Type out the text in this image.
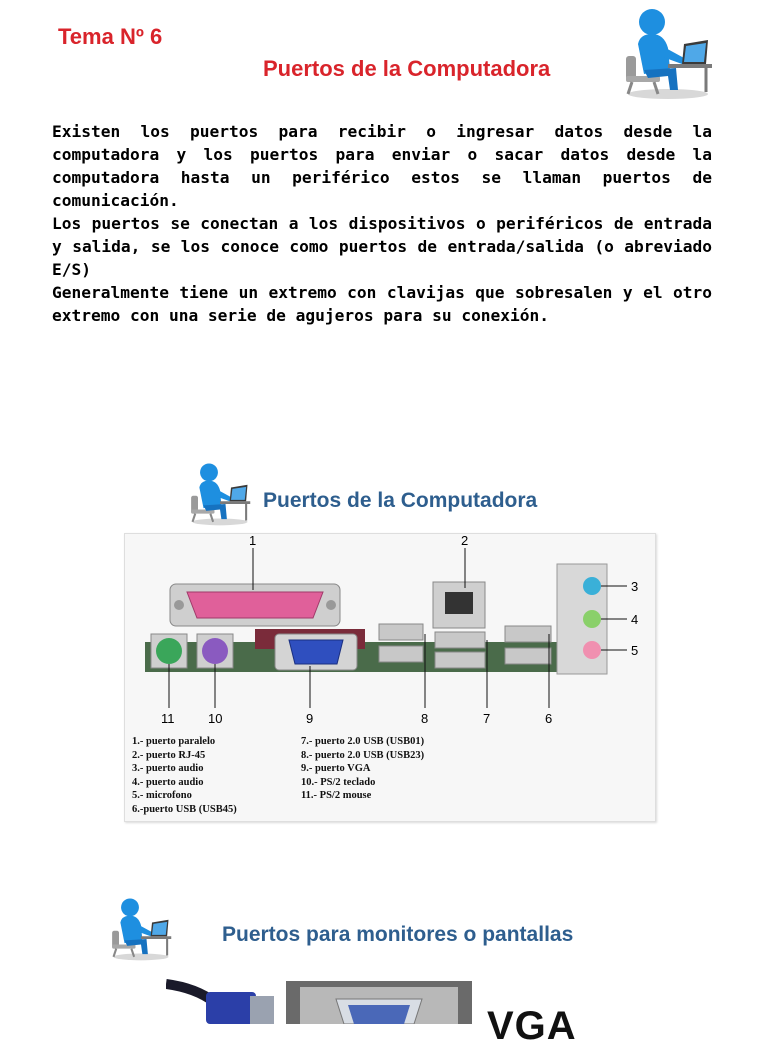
Tema Nº 6
Puertos de la Computadora

Existen los puertos para recibir o ingresar datos desde la computadora y los puertos para enviar o sacar datos desde la computadora hasta un periférico estos se llaman puertos de comunicación.

Los puertos se conectan a los dispositivos o periféricos de entrada y salida, se los conoce como puertos de entrada/salida (o abreviado E/S)

Generalmente tiene un extremo con clavijas que sobresalen y el otro extremo con una serie de agujeros para su conexión.

Puertos de la Computadora
1	2
3
4
5
6
7
8
9
10
11
1.- puerto paralelo
2.- puerto RJ-45
3.- puerto audio
4.- puerto audio
5.- microfono
6.-puerto USB (USB45)
7.- puerto 2.0 USB (USB01)
8.- puerto 2.0 USB (USB23)
9.- puerto VGA
10.- PS/2 teclado
11.- PS/2 mouse
Puertos para monitores o pantallas
VGA
